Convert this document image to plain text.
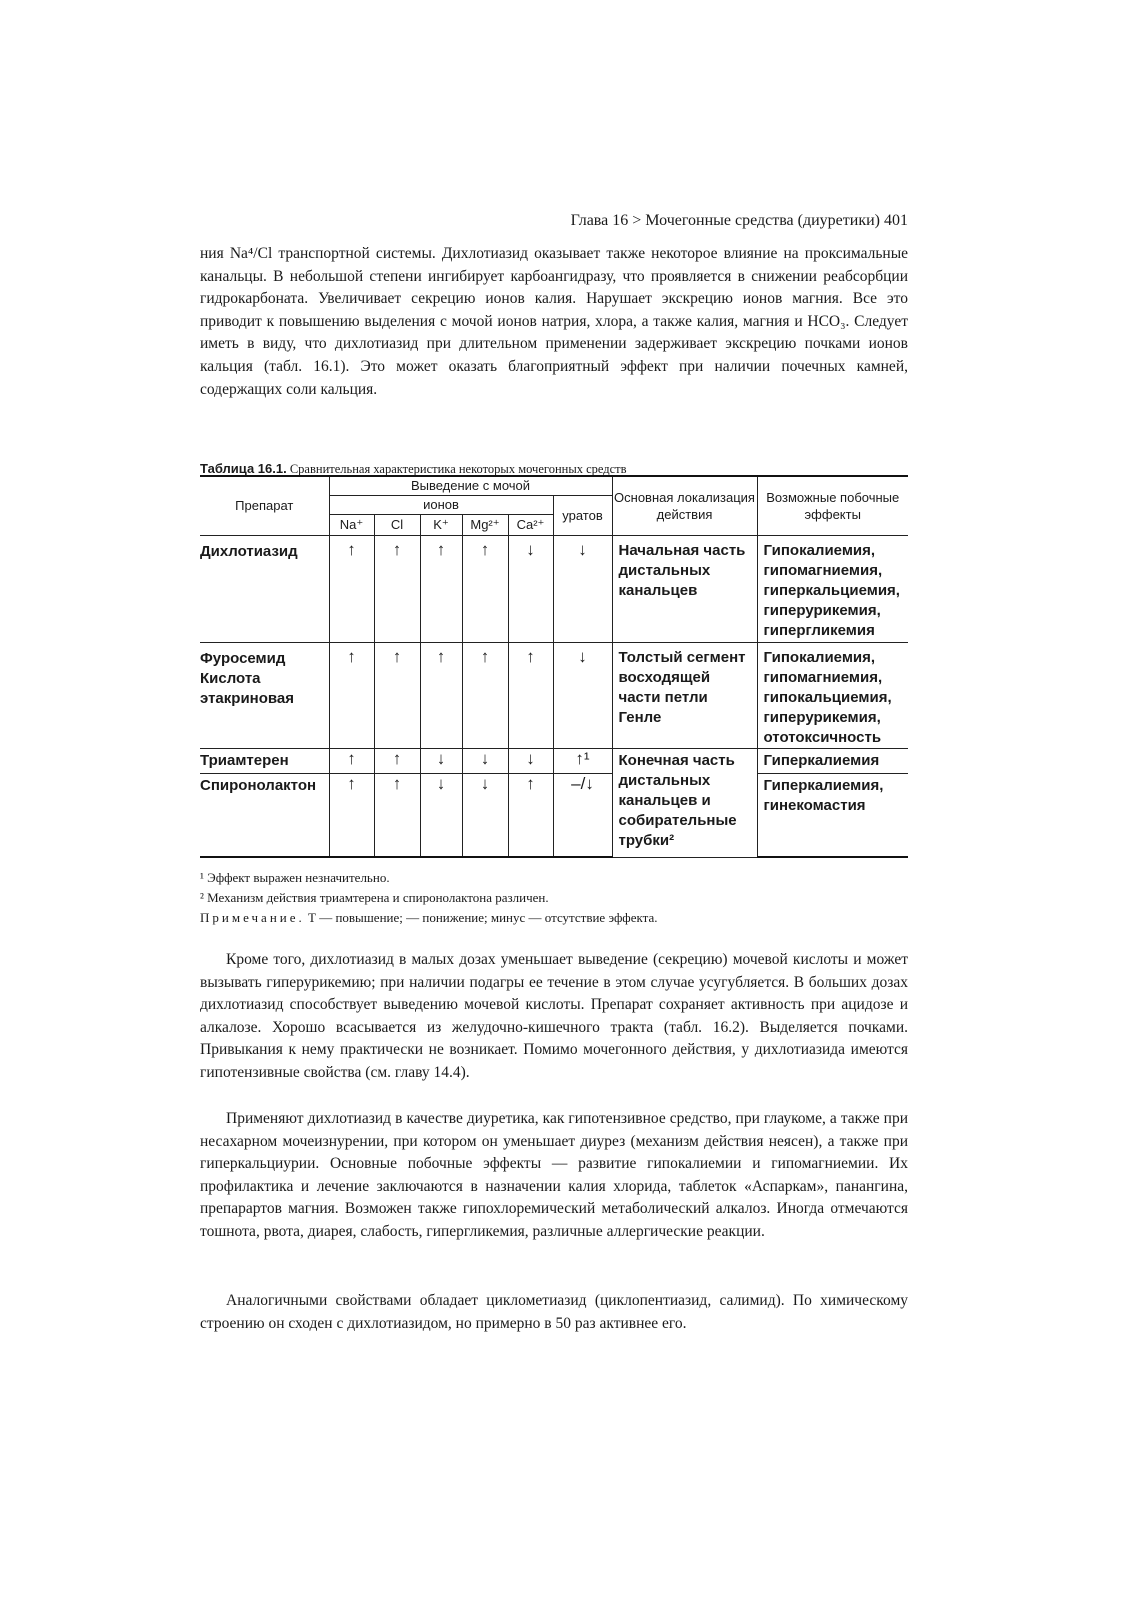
Глава 16 > Мочегонные средства (диуретики) 401

ния Na⁴/Cl транспортной системы. Дихлотиазид оказывает также некоторое влияние на проксимальные канальцы. В небольшой степени ингибирует карбоангидразу, что проявляется в снижении реабсорбции гидрокарбоната. Увеличивает секрецию ионов калия. Нарушает экскрецию ионов магния. Все это приводит к повышению выделения с мочой ионов натрия, хлора, а также калия, магния и HCO₃. Следует иметь в виду, что дихлотиазид при длительном применении задерживает экскрецию почками ионов кальция (табл. 16.1). Это может оказать благоприятный эффект при наличии почечных камней, содержащих соли кальция.

Таблица 16.1. Сравнительная характеристика некоторых мочегонных средств
Препарат	Выведение с мочой						Основная локализация действия	Возможные побочные эффекты
	ионов					уратов		
	Na⁺	Cl	K⁺	Mg²⁺	Ca²⁺			
Дихлотиазид	↑	↑	↑	↑	↓	↓	Начальная часть дистальных канальцев	Гипокалиемия, гипомагниемия, гиперкальциемия, гиперурикемия, гипергликемия
Фуросемид Кислота этакриновая	↑	↑	↑	↑	↑	↓	Толстый сегмент восходящей части петли Генле	Гипокалиемия, гипомагниемия, гипокальциемия, гиперурикемия, ототоксичность
Триамтерен	↑	↑	↓	↓	↓	↑¹	Конечная часть дистальных канальцев и собирательные трубки²	Гиперкалиемия
Спиронолактон	↑	↑	↓	↓	↑	–/↓		Гиперкалиемия, гинекомастия
¹ Эффект выражен незначительно.
² Механизм действия триамтерена и спиронолактона различен.
Примечание. Т — повышение; — понижение; минус — отсутствие эффекта.

Кроме того, дихлотиазид в малых дозах уменьшает выведение (секрецию) мочевой кислоты и может вызывать гиперурикемию; при наличии подагры ее течение в этом случае усугубляется. В больших дозах дихлотиазид способствует выведению мочевой кислоты. Препарат сохраняет активность при ацидозе и алкалозе. Хорошо всасывается из желудочно-кишечного тракта (табл. 16.2). Выделяется почками. Привыкания к нему практически не возникает. Помимо мочегонного действия, у дихлотиазида имеются гипотензивные свойства (см. главу 14.4).

Применяют дихлотиазид в качестве диуретика, как гипотензивное средство, при глаукоме, а также при несахарном мочеизнурении, при котором он уменьшает диурез (механизм действия неясен), а также при гиперкальциурии. Основные побочные эффекты — развитие гипокалиемии и гипомагниемии. Их профилактика и лечение заключаются в назначении калия хлорида, таблеток «Аспаркам», панангина, препарартов магния. Возможен также гипохлоремический метаболический алкалоз. Иногда отмечаются тошнота, рвота, диарея, слабость, гипергликемия, различные аллергические реакции.

Аналогичными свойствами обладает циклометиазид (циклопентиазид, салимид). По химическому строению он сходен с дихлотиазидом, но примерно в 50 раз активнее его.
